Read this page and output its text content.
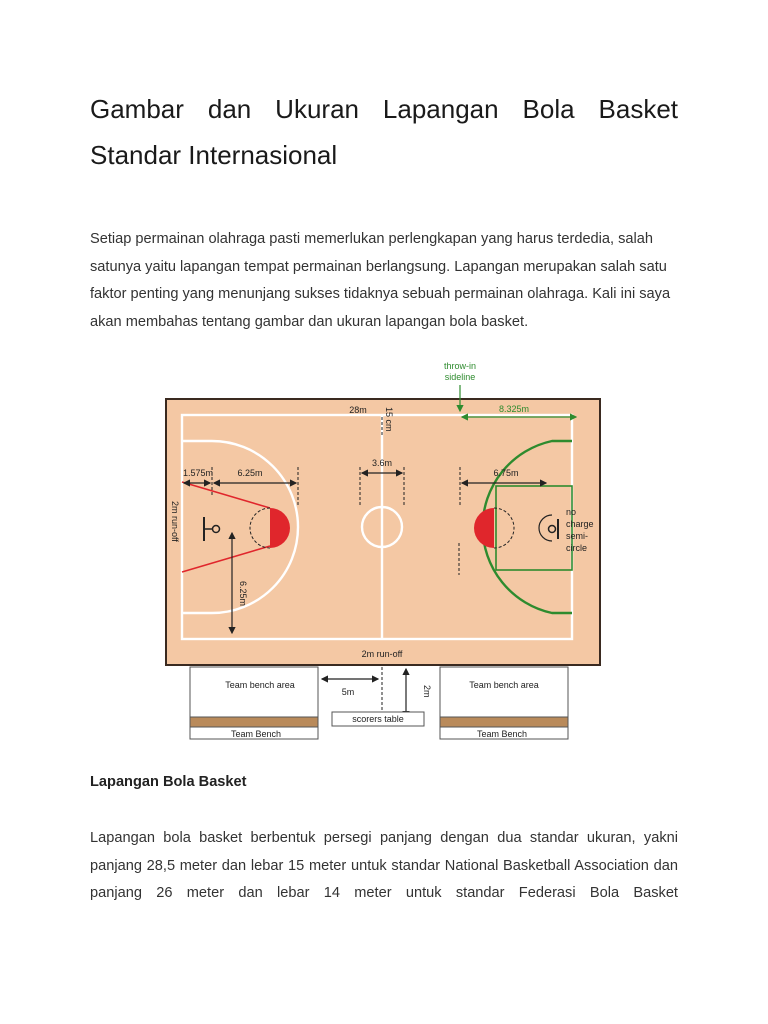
Gambar dan Ukuran Lapangan Bola Basket Standar Internasional

Setiap permainan olahraga pasti memerlukan perlengkapan yang harus terdedia, salah satunya yaitu lapangan tempat permainan berlangsung. Lapangan merupakan salah satu faktor penting yang menunjang sukses tidaknya sebuah permainan olahraga. Kali ini saya akan membahas tentang gambar dan ukuran lapangan bola basket.

throw-in
sideline
28m 15 cm	8.325m
1.575m	6.25m
3.6m
6.75m
2m run-off
6.25m
no
charge
semi-
circle
2m run-off
Team bench area
Team Bench
Team bench area
Team Bench
5m	2m
scorers table

Lapangan Bola Basket

Lapangan bola basket berbentuk persegi panjang dengan dua standar ukuran, yakni panjang 28,5 meter dan lebar 15 meter untuk standar National Basketball Association dan panjang 26 meter dan lebar 14 meter untuk standar Federasi Bola Basket
